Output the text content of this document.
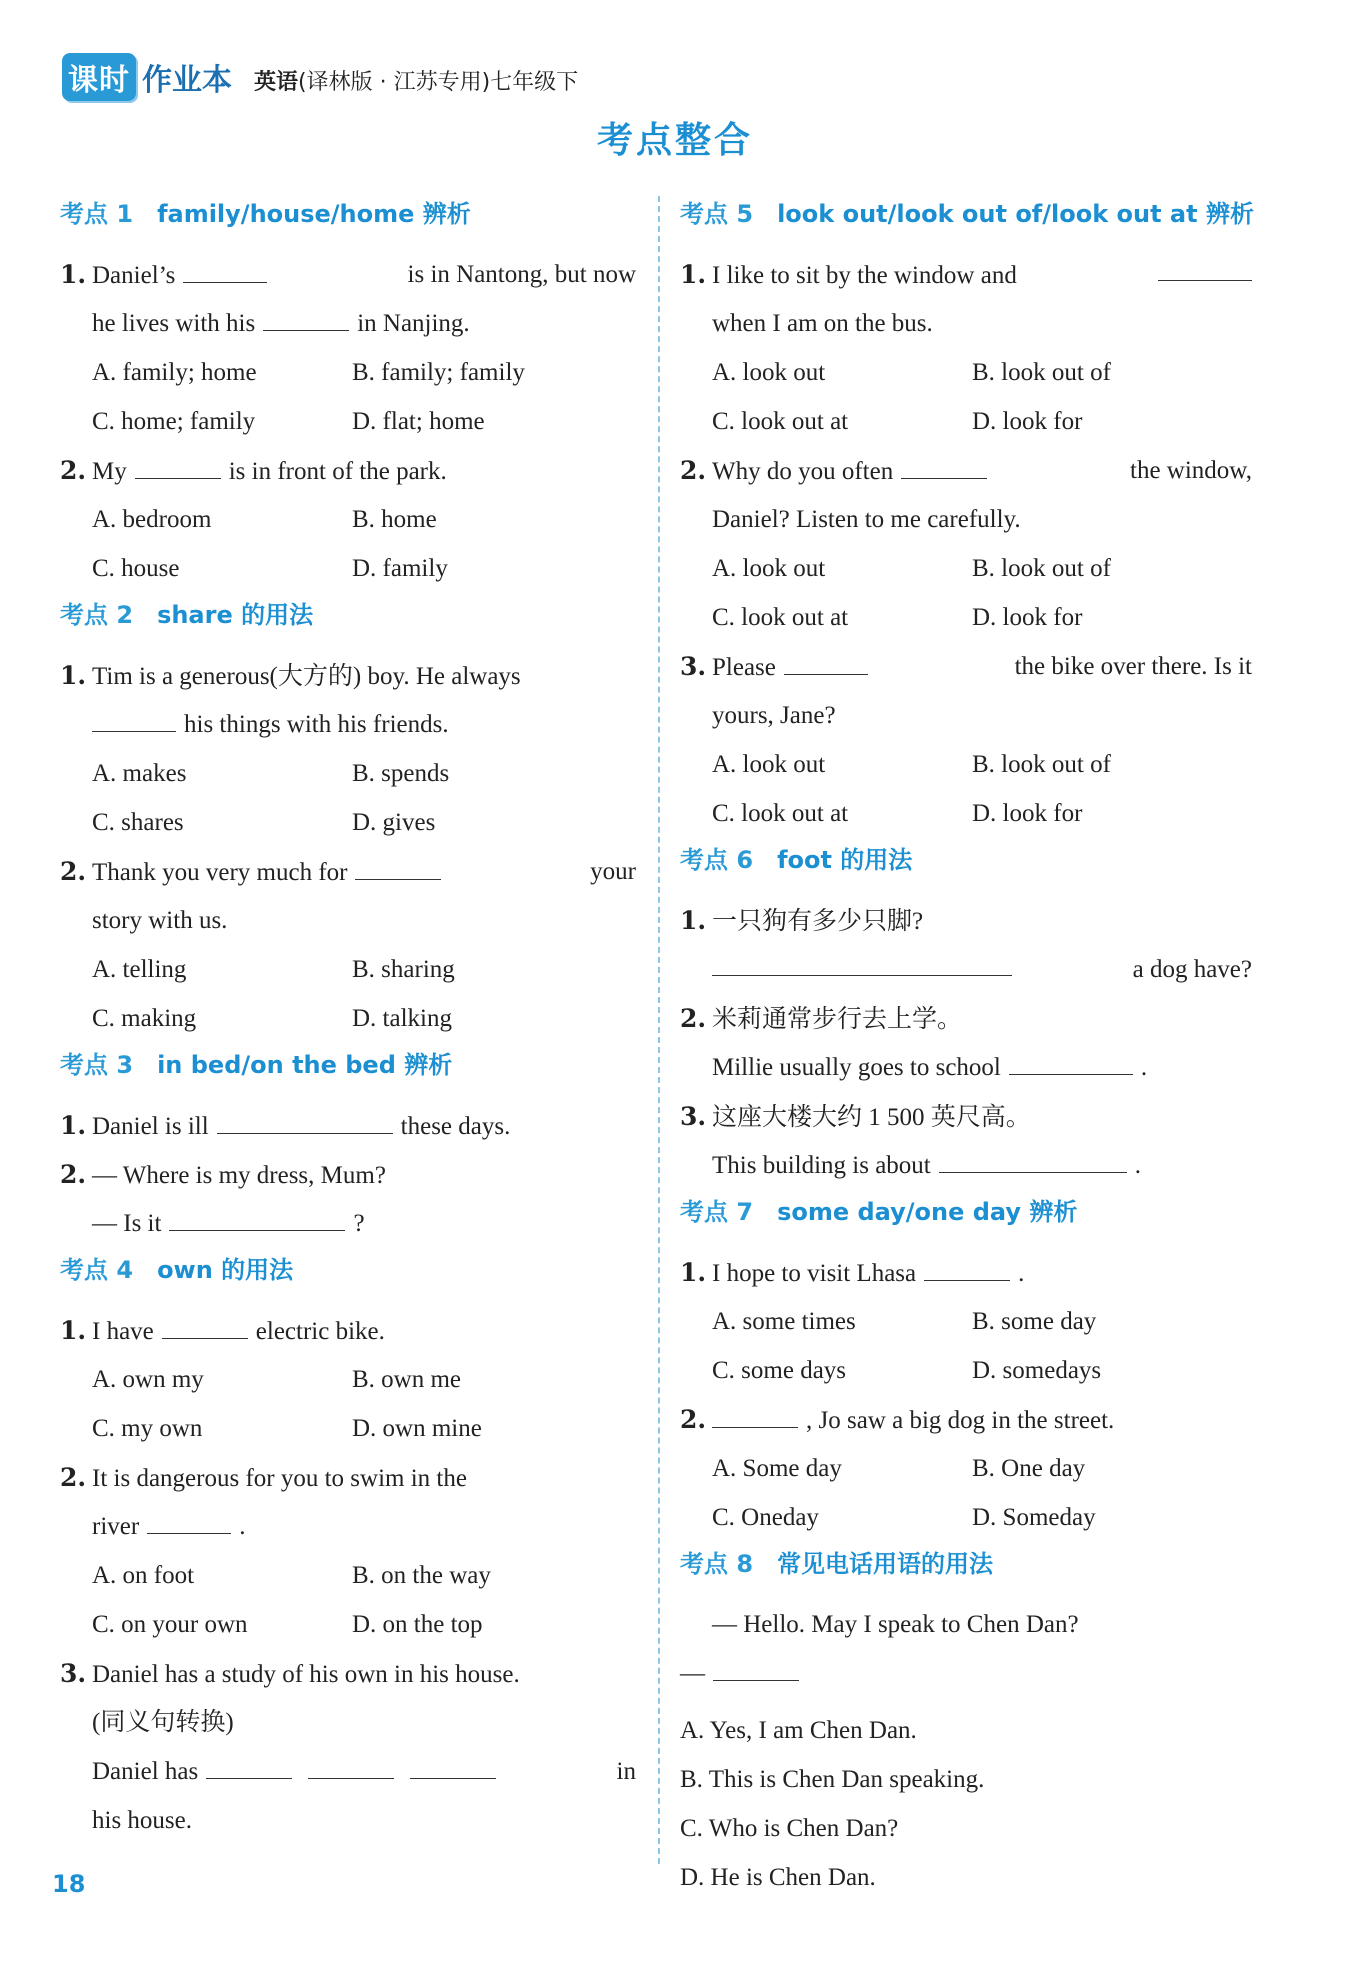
课时 作业本 英语(译林版 · 江苏专用)七年级下
考点整合
考点 1 family/house/home 辨析
1. Daniel’s	is in Nantong, but now
he lives with his	in Nanjing.
A. family; home	B. family; family
C. home; family	D. flat; home
2. My	is in front of the park.
A. bedroom	B. home
C. house	D. family
考点 2 share 的用法
1. Tim is a generous(大方的) boy. He always
his things with his friends.
A. makes	B. spends
C. shares	D. gives
2. Thank you very much for	your
story with us.
A. telling	B. sharing
C. making	D. talking
考点 3 in bed/on the bed 辨析
1. Daniel is ill	these days.
2. — Where is my dress, Mum?
— Is it	?
考点 4 own 的用法
1. I have	electric bike.
A. own my	B. own me
C. my own	D. own mine
2. It is dangerous for you to swim in the
river	.
A. on foot	B. on the way
C. on your own	D. on the top
3. Daniel has a study of his own in his house.
(同义句转换)
Daniel has	in
his house.
考点 5 look out/look out of/look out at 辨析
1. I like to sit by the window and
when I am on the bus.
A. look out	B. look out of
C. look out at	D. look for
2. Why do you often	the window,
Daniel? Listen to me carefully.
A. look out	B. look out of
C. look out at	D. look for
3. Please	the bike over there. Is it
yours, Jane?
A. look out	B. look out of
C. look out at	D. look for
考点 6 foot 的用法
1. 一只狗有多少只脚?
a dog have?
2. 米莉通常步行去上学。
Millie usually goes to school	.
3. 这座大楼大约 1 500 英尺高。
This building is about	.
考点 7 some day/one day 辨析
1. I hope to visit Lhasa	.
A. some times	B. some day
C. some days	D. somedays
2.	, Jo saw a big dog in the street.
A. Some day	B. One day
C. Oneday	D. Someday
考点 8 常见电话用语的用法
— Hello. May I speak to Chen Dan?
—
A. Yes, I am Chen Dan.
B. This is Chen Dan speaking.
C. Who is Chen Dan?
D. He is Chen Dan.
18
